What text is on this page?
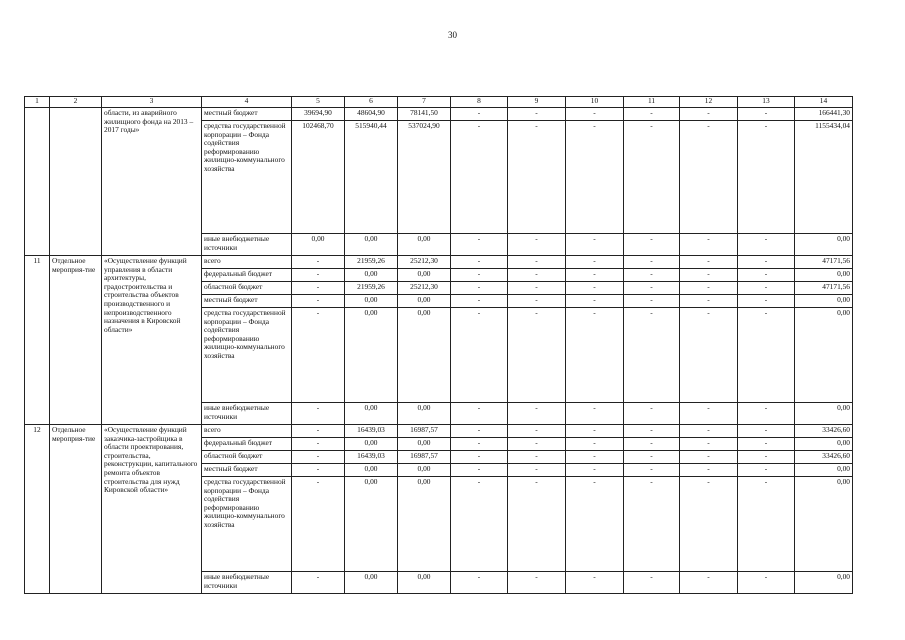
30
1	2	3	4	5	6	7	8	9	10	11	12	13	14
		области, из аварийного жилищного фонда на 2013 – 2017 годы»	местный бюджет	39694,90	48604,90	78141,50	-	-	-	-	-	-	166441,30
			средства государственной корпорации – Фонда содействия реформированию жилищно-коммунального хозяйства	102468,70	515940,44	537024,90	-	-	-	-	-	-	1155434,04
			иные внебюджетные источники	0,00	0,00	0,00	-	-	-	-	-	-	0,00
11	Отдельное мероприя-тие	«Осуществление функций управления в области архитектуры, градостроительства и строительства объектов производственного и непроизводственного назначения в Кировской области»	всего	-	21959,26	25212,30	-	-	-	-	-	-	47171,56
			федеральный бюджет	-	0,00	0,00	-	-	-	-	-	-	0,00
			областной бюджет	-	21959,26	25212,30	-	-	-	-	-	-	47171,56
			местный бюджет	-	0,00	0,00	-	-	-	-	-	-	0,00
			средства государственной корпорации – Фонда содействия реформированию жилищно-коммунального хозяйства	-	0,00	0,00	-	-	-	-	-	-	0,00
			иные внебюджетные источники	-	0,00	0,00	-	-	-	-	-	-	0,00
12	Отдельное мероприя-тие	«Осуществление функций заказчика-застройщика в области проектирования, строительства, реконструкции, капитального ремонта объектов строительства для нужд Кировской области»	всего	-	16439,03	16987,57	-	-	-	-	-	-	33426,60
			федеральный бюджет	-	0,00	0,00	-	-	-	-	-	-	0,00
			областной бюджет	-	16439,03	16987,57	-	-	-	-	-	-	33426,60
			местный бюджет	-	0,00	0,00	-	-	-	-	-	-	0,00
			средства государственной корпорации – Фонда содействия реформированию жилищно-коммунального хозяйства	-	0,00	0,00	-	-	-	-	-	-	0,00
			иные внебюджетные источники	-	0,00	0,00	-	-	-	-	-	-	0,00
